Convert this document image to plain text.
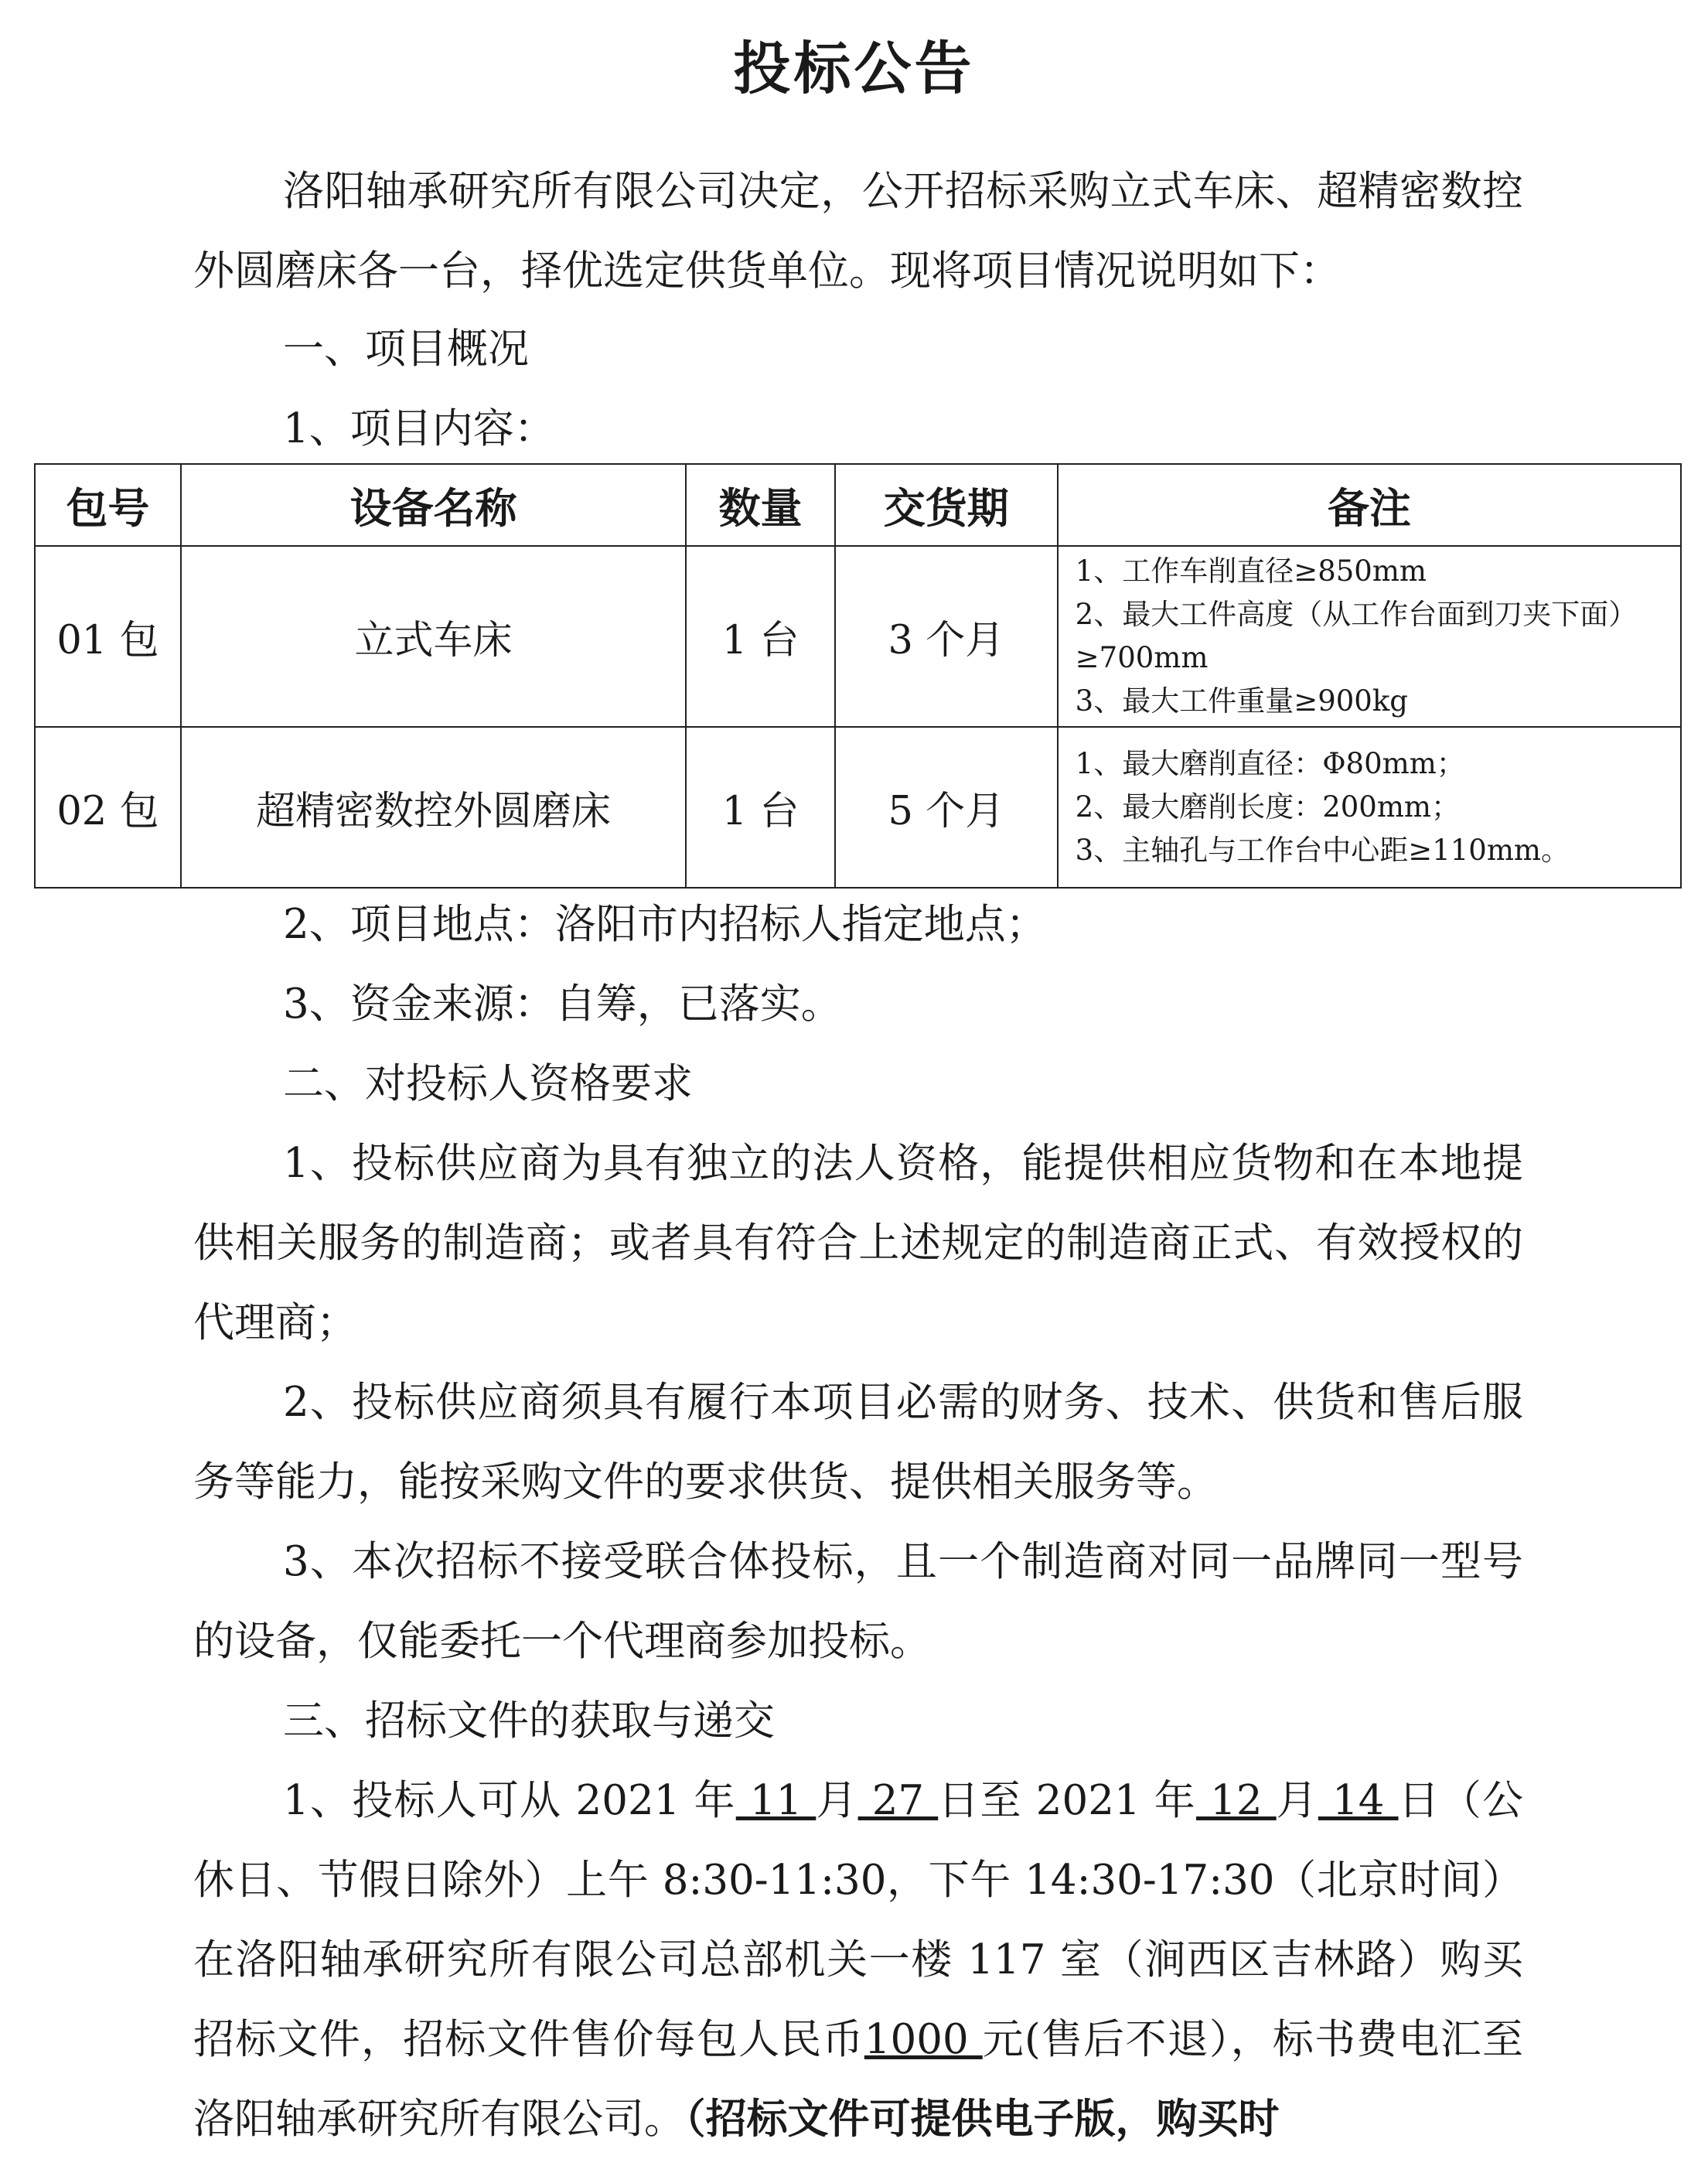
投标公告
洛阳轴承研究所有限公司决定，公开招标采购立式车床、超精密数控外圆磨床各一台，择优选定供货单位。现将项目情况说明如下：
一、项目概况
1、项目内容：
包号	设备名称	数量	交货期	备注
01 包	立式车床	1 台	3 个月	1、工作车削直径≥850mm
2、最大工件高度（从工作台面到刀夹下面）≥700mm
3、最大工件重量≥900kg

02 包	超精密数控外圆磨床	1 台	5 个月	1、最大磨削直径：Φ80mm；
2、最大磨削长度：200mm；
3、主轴孔与工作台中心距≥110mm。
2、项目地点：洛阳市内招标人指定地点；
3、资金来源：自筹，已落实。
二、对投标人资格要求
1、投标供应商为具有独立的法人资格，能提供相应货物和在本地提供相关服务的制造商；或者具有符合上述规定的制造商正式、有效授权的代理商；
2、投标供应商须具有履行本项目必需的财务、技术、供货和售后服务等能力，能按采购文件的要求供货、提供相关服务等。
3、本次招标不接受联合体投标，且一个制造商对同一品牌同一型号的设备，仅能委托一个代理商参加投标。
三、招标文件的获取与递交
1、投标人可从 2021 年 11 月 27 日至 2021 年 12 月 14 日（公休日、节假日除外）上午 8:30-11:30，下午 14:30-17:30（北京时间）在洛阳轴承研究所有限公司总部机关一楼 117 室（涧西区吉林路）购买招标文件，招标文件售价每包人民币1000 元(售后不退），标书费电汇至洛阳轴承研究所有限公司。（招标文件可提供电子版，购买时
